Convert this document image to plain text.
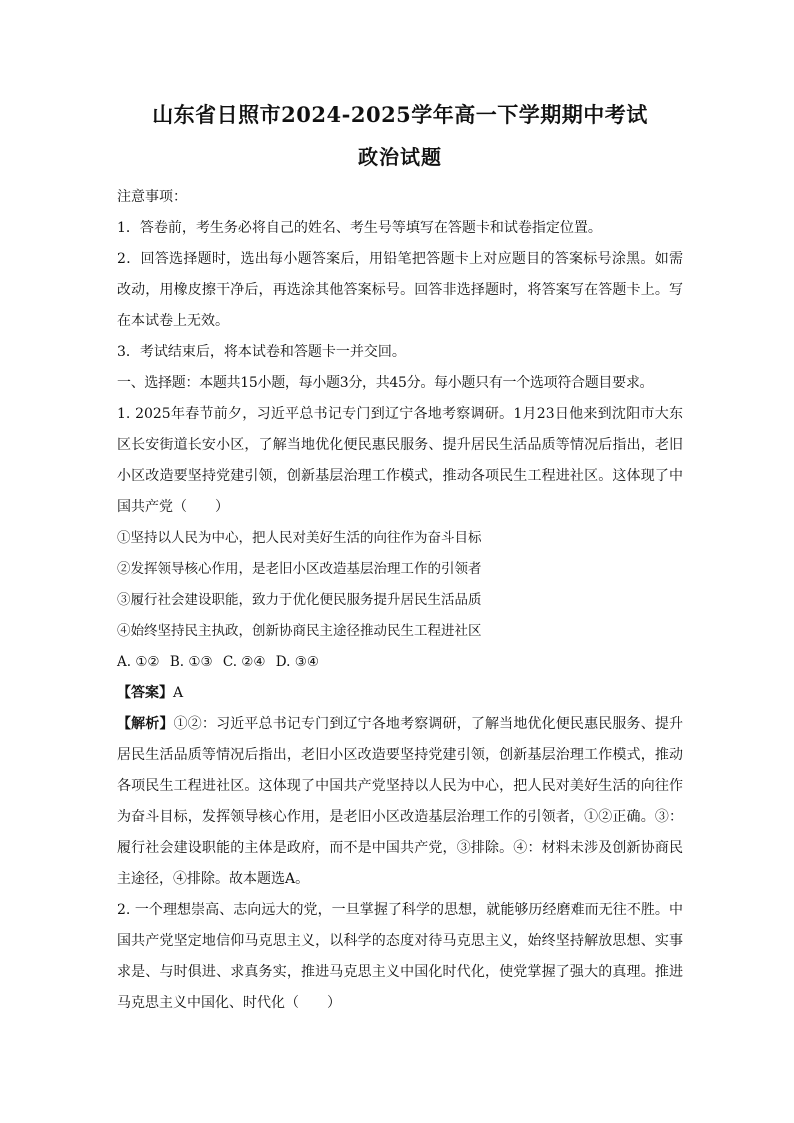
山东省日照市2024-2025学年高一下学期期中考试
政治试题

注意事项：

1．答卷前，考生务必将自己的姓名、考生号等填写在答题卡和试卷指定位置。

2．回答选择题时，选出每小题答案后，用铅笔把答题卡上对应题目的答案标号涂黑。如需改动，用橡皮擦干净后，再选涂其他答案标号。回答非选择题时，将答案写在答题卡上。写在本试卷上无效。

3．考试结束后，将本试卷和答题卡一并交回。

一、选择题：本题共15小题，每小题3分，共45分。每小题只有一个选项符合题目要求。

1. 2025年春节前夕，习近平总书记专门到辽宁各地考察调研。1月23日他来到沈阳市大东区长安街道长安小区，了解当地优化便民惠民服务、提升居民生活品质等情况后指出，老旧小区改造要坚持党建引领，创新基层治理工作模式，推动各项民生工程进社区。这体现了中国共产党（　　）

①坚持以人民为中心，把人民对美好生活的向往作为奋斗目标

②发挥领导核心作用，是老旧小区改造基层治理工作的引领者

③履行社会建设职能，致力于优化便民服务提升居民生活品质

④始终坚持民主执政，创新协商民主途径推动民生工程进社区

A. ①② B. ①③ C. ②④ D. ③④

【答案】A

【解析】①②：习近平总书记专门到辽宁各地考察调研，了解当地优化便民惠民服务、提升居民生活品质等情况后指出，老旧小区改造要坚持党建引领，创新基层治理工作模式，推动各项民生工程进社区。这体现了中国共产党坚持以人民为中心，把人民对美好生活的向往作为奋斗目标，发挥领导核心作用，是老旧小区改造基层治理工作的引领者，①②正确。③：履行社会建设职能的主体是政府，而不是中国共产党，③排除。④：材料未涉及创新协商民主途径，④排除。故本题选A。

2. 一个理想崇高、志向远大的党，一旦掌握了科学的思想，就能够历经磨难而无往不胜。中国共产党坚定地信仰马克思主义，以科学的态度对待马克思主义，始终坚持解放思想、实事求是、与时俱进、求真务实，推进马克思主义中国化时代化，使党掌握了强大的真理。推进马克思主义中国化、时代化（　　）
